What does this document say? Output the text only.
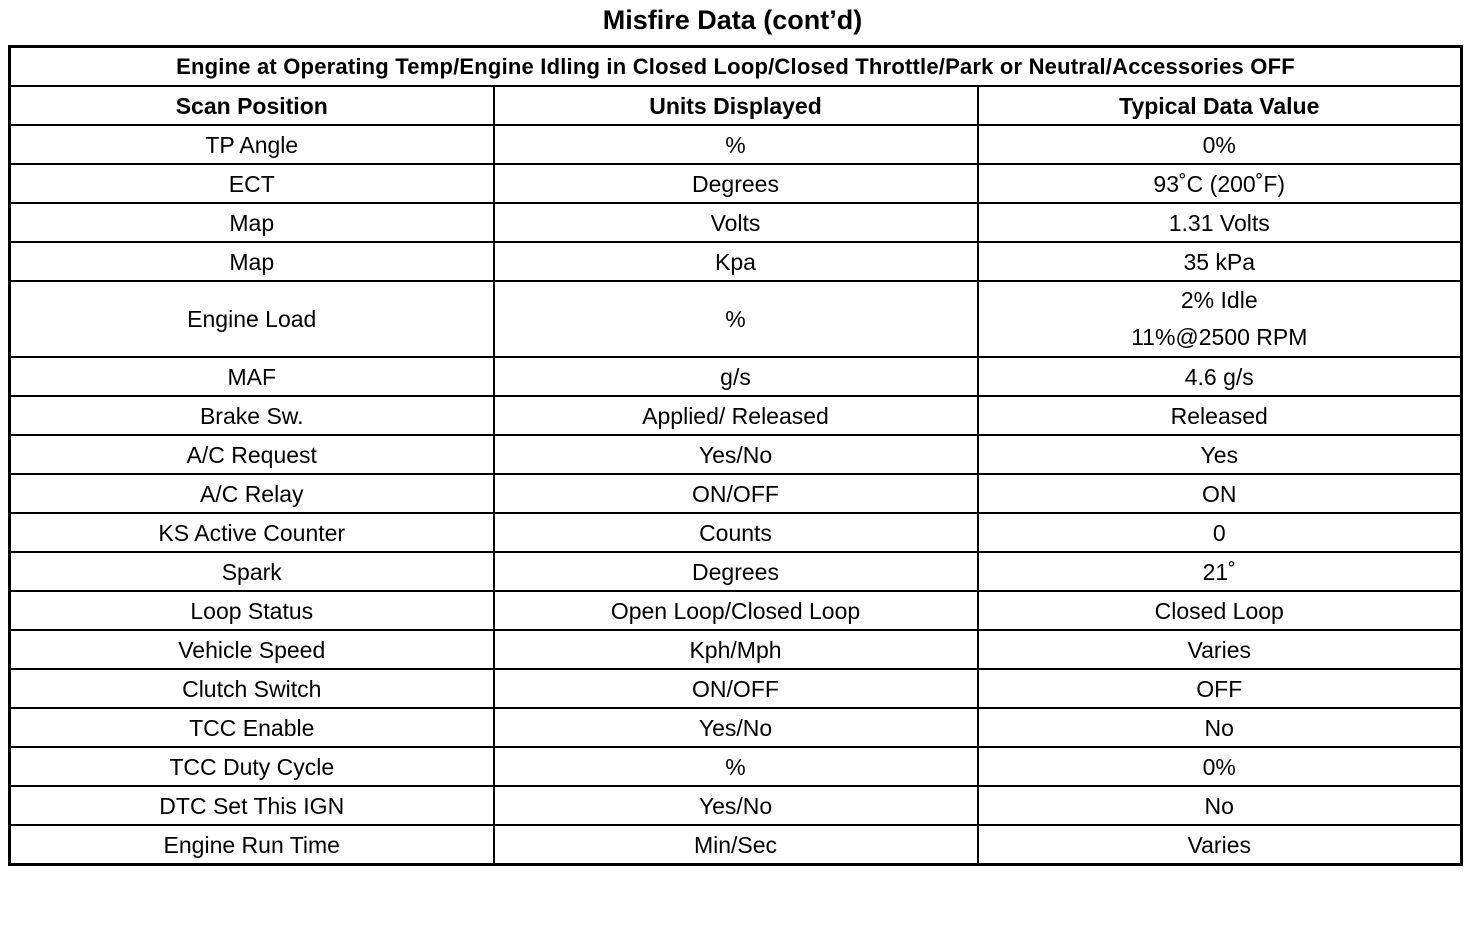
Misfire Data (cont’d)
Engine at Operating Temp/Engine Idling in Closed Loop/Closed Throttle/Park or Neutral/Accessories OFF		
Scan Position	Units Displayed	Typical Data Value
TP Angle	%	0%
ECT	Degrees	93˚C (200˚F)
Map	Volts	1.31 Volts
Map	Kpa	35 kPa
Engine Load	%	2% Idle
11%@2500 RPM

MAF	g/s	4.6 g/s
Brake Sw.	Applied/ Released	Released
A/C Request	Yes/No	Yes
A/C Relay	ON/OFF	ON
KS Active Counter	Counts	0
Spark	Degrees	21˚
Loop Status	Open Loop/Closed Loop	Closed Loop
Vehicle Speed	Kph/Mph	Varies
Clutch Switch	ON/OFF	OFF
TCC Enable	Yes/No	No
TCC Duty Cycle	%	0%
DTC Set This IGN	Yes/No	No
Engine Run Time	Min/Sec	Varies
